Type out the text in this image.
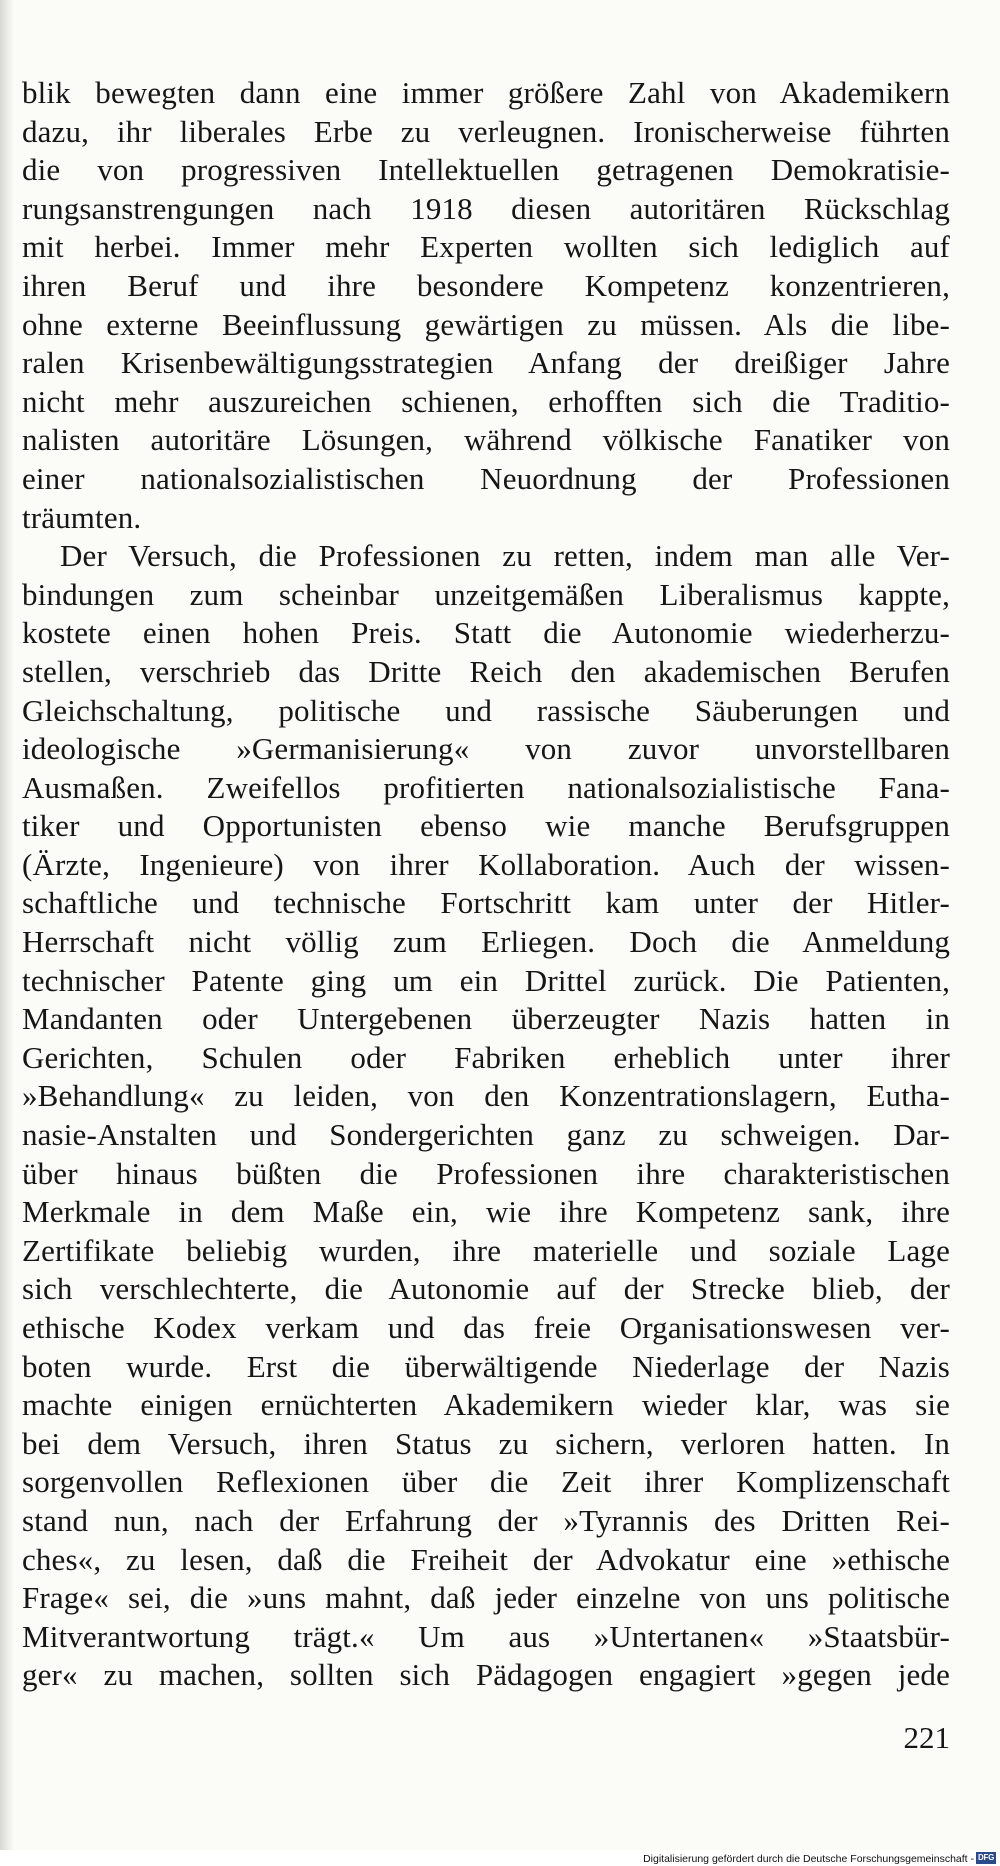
blik bewegten dann eine immer größere Zahl von Akademikern
dazu, ihr liberales Erbe zu verleugnen. Ironischerweise führten
die von progressiven Intellektuellen getragenen Demokratisie-
rungsanstrengungen nach 1918 diesen autoritären Rückschlag
mit herbei. Immer mehr Experten wollten sich lediglich auf
ihren Beruf und ihre besondere Kompetenz konzentrieren,
ohne externe Beeinflussung gewärtigen zu müssen. Als die libe-
ralen Krisenbewältigungsstrategien Anfang der dreißiger Jahre
nicht mehr auszureichen schienen, erhofften sich die Traditio-
nalisten autoritäre Lösungen, während völkische Fanatiker von
einer nationalsozialistischen Neuordnung der Professionen
träumten.
Der Versuch, die Professionen zu retten, indem man alle Ver-
bindungen zum scheinbar unzeitgemäßen Liberalismus kappte,
kostete einen hohen Preis. Statt die Autonomie wiederherzu-
stellen, verschrieb das Dritte Reich den akademischen Berufen
Gleichschaltung, politische und rassische Säuberungen und
ideologische »Germanisierung« von zuvor unvorstellbaren
Ausmaßen. Zweifellos profitierten nationalsozialistische Fana-
tiker und Opportunisten ebenso wie manche Berufsgruppen
(Ärzte, Ingenieure) von ihrer Kollaboration. Auch der wissen-
schaftliche und technische Fortschritt kam unter der Hitler-
Herrschaft nicht völlig zum Erliegen. Doch die Anmeldung
technischer Patente ging um ein Drittel zurück. Die Patienten,
Mandanten oder Untergebenen überzeugter Nazis hatten in
Gerichten, Schulen oder Fabriken erheblich unter ihrer
»Behandlung« zu leiden, von den Konzentrationslagern, Eutha-
nasie-Anstalten und Sondergerichten ganz zu schweigen. Dar-
über hinaus büßten die Professionen ihre charakteristischen
Merkmale in dem Maße ein, wie ihre Kompetenz sank, ihre
Zertifikate beliebig wurden, ihre materielle und soziale Lage
sich verschlechterte, die Autonomie auf der Strecke blieb, der
ethische Kodex verkam und das freie Organisationswesen ver-
boten wurde. Erst die überwältigende Niederlage der Nazis
machte einigen ernüchterten Akademikern wieder klar, was sie
bei dem Versuch, ihren Status zu sichern, verloren hatten. In
sorgenvollen Reflexionen über die Zeit ihrer Komplizenschaft
stand nun, nach der Erfahrung der »Tyrannis des Dritten Rei-
ches«, zu lesen, daß die Freiheit der Advokatur eine »ethische
Frage« sei, die »uns mahnt, daß jeder einzelne von uns politische
Mitverantwortung trägt.« Um aus »Untertanen« »Staatsbür-
ger« zu machen, sollten sich Pädagogen engagiert »gegen jede
221
Digitalisierung gefördert durch die Deutsche Forschungsgemeinschaft - DFG
